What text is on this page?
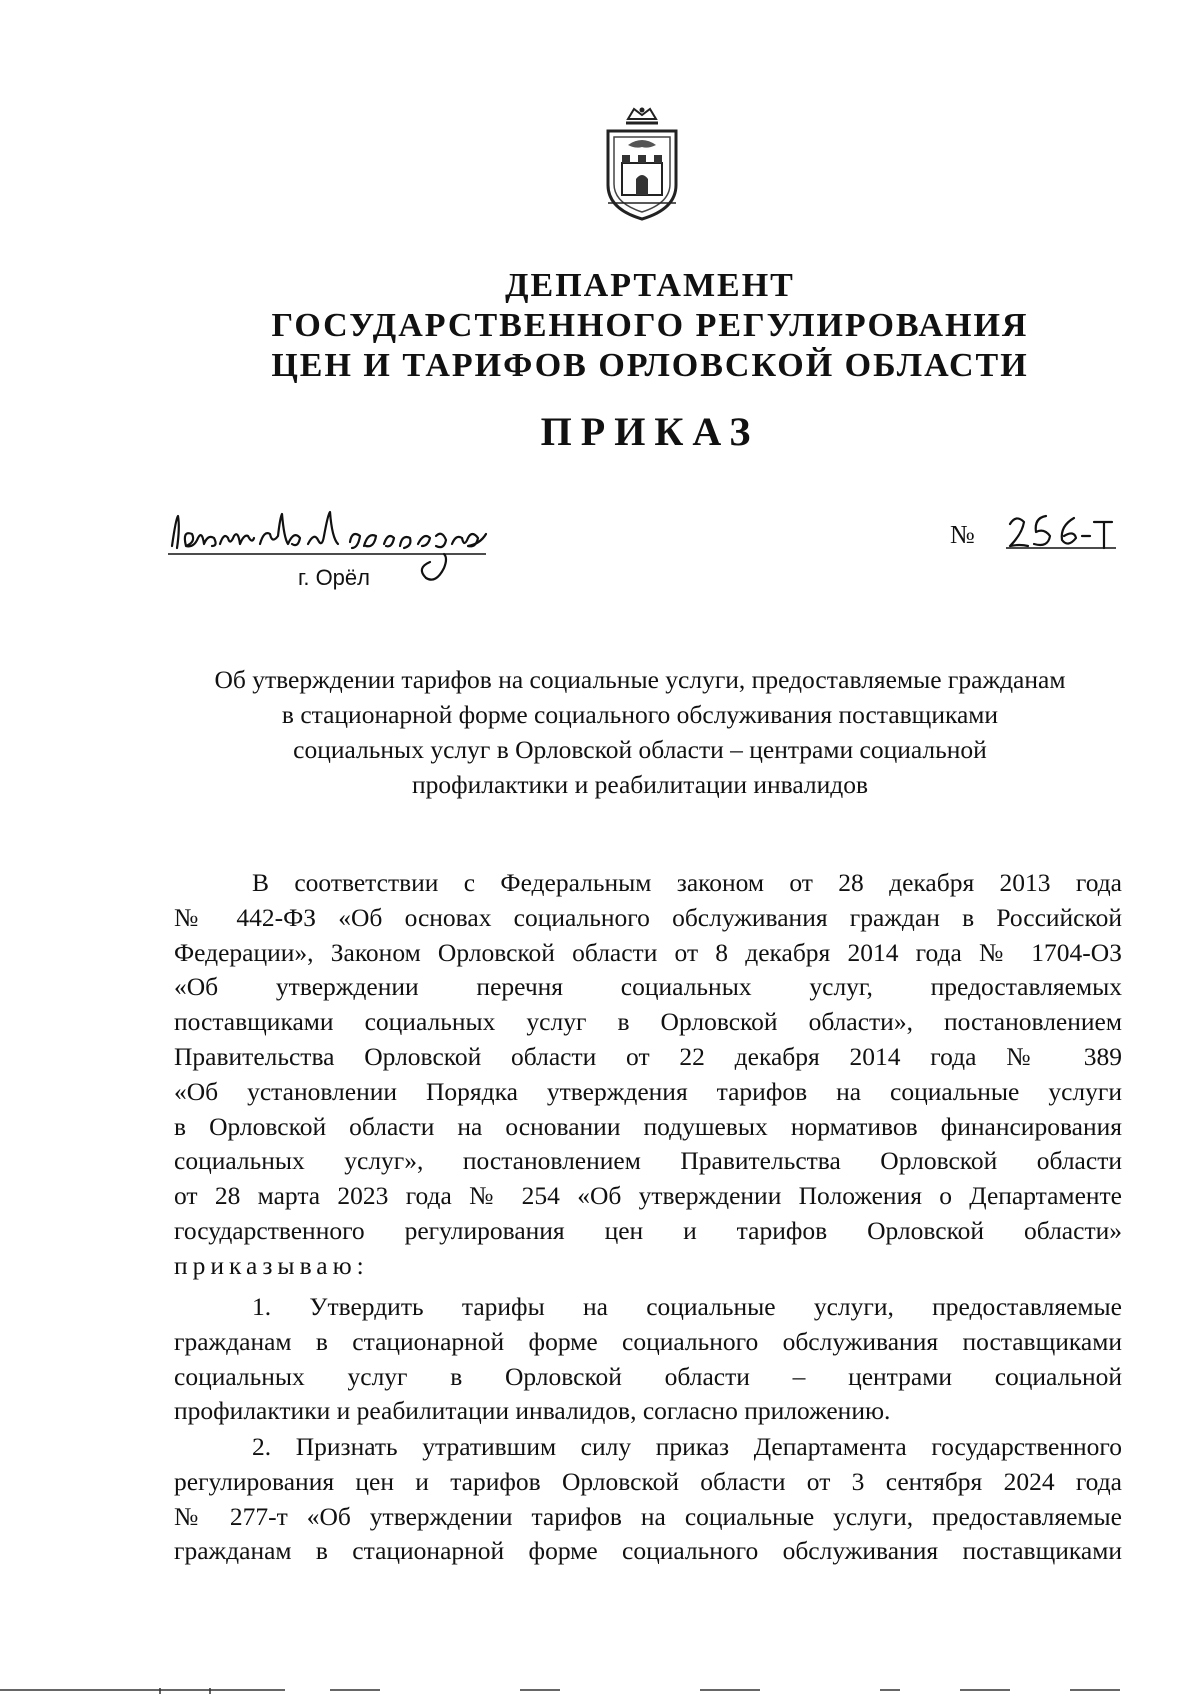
ДЕПАРТАМЕНТ
ГОСУДАРСТВЕННОГО РЕГУЛИРОВАНИЯ
ЦЕН И ТАРИФОВ ОРЛОВСКОЙ ОБЛАСТИ
ПРИКАЗ
г. Орёл
№
Об утверждении тарифов на социальные услуги, предоставляемые гражданам
в стационарной форме социального обслуживания поставщиками
социальных услуг в Орловской области – центрами социальной
профилактики и реабилитации инвалидов
В соответствии с Федеральным законом от 28 декабря 2013 года
№ 442-ФЗ «Об основах социального обслуживания граждан в Российской
Федерации», Законом Орловской области от 8 декабря 2014 года № 1704-ОЗ
«Об утверждении перечня социальных услуг, предоставляемых
поставщиками социальных услуг в Орловской области», постановлением
Правительства Орловской области от 22 декабря 2014 года № 389
«Об установлении Порядка утверждения тарифов на социальные услуги
в Орловской области на основании подушевых нормативов финансирования
социальных услуг», постановлением Правительства Орловской области
от 28 марта 2023 года № 254 «Об утверждении Положения о Департаменте
государственного регулирования цен и тарифов Орловской области»
приказываю:
1. Утвердить тарифы на социальные услуги, предоставляемые
гражданам в стационарной форме социального обслуживания поставщиками
социальных услуг в Орловской области – центрами социальной
профилактики и реабилитации инвалидов, согласно приложению.
2. Признать утратившим силу приказ Департамента государственного
регулирования цен и тарифов Орловской области от 3 сентября 2024 года
№ 277-т «Об утверждении тарифов на социальные услуги, предоставляемые
гражданам в стационарной форме социального обслуживания поставщиками
